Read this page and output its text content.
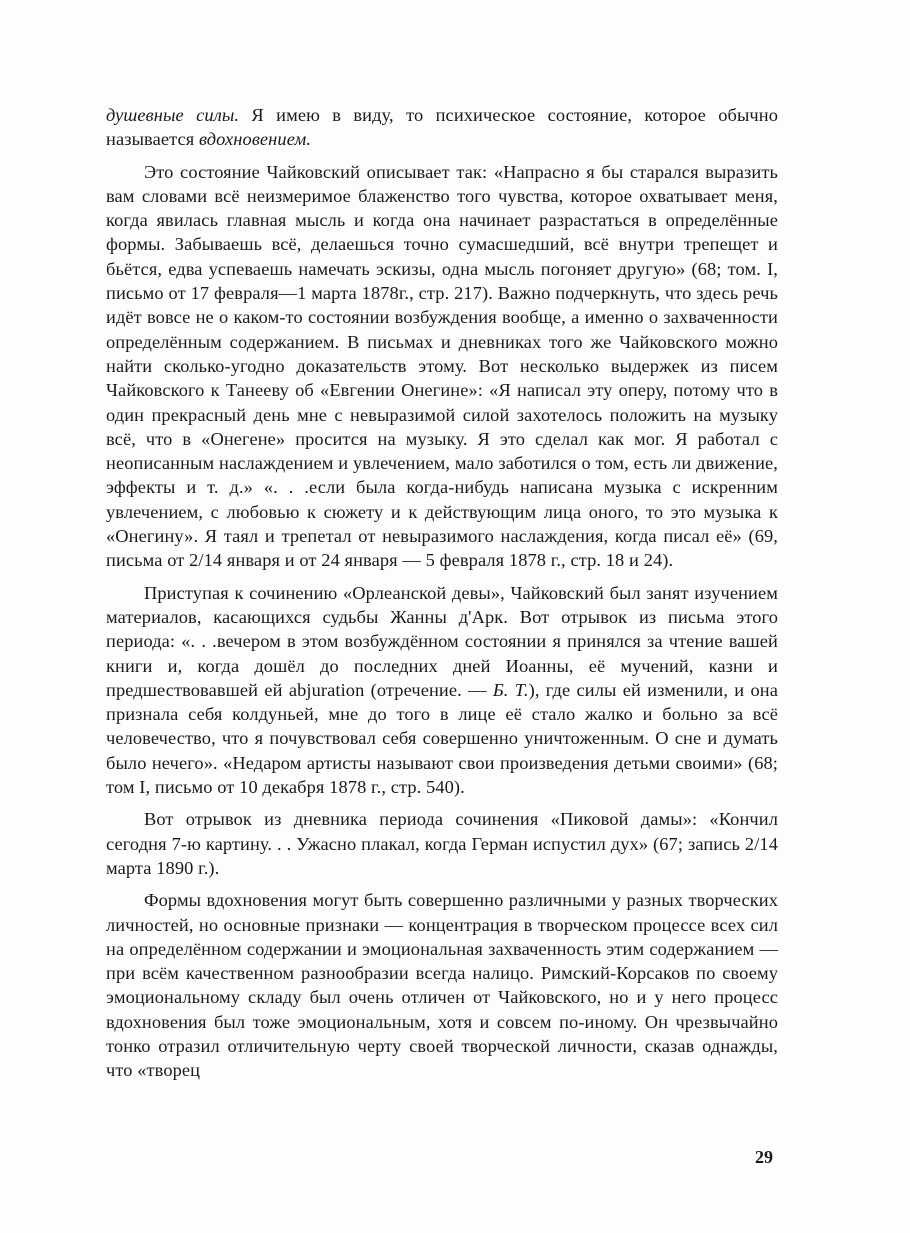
душевные силы. Я имею в виду, то психическое состояние, которое обычно называется вдохновением.

Это состояние Чайковский описывает так: «Напрасно я бы старался выразить вам словами всё неизмеримое блаженство того чувства, которое охватывает меня, когда явилась главная мысль и когда она начинает разрастаться в определённые формы. Забываешь всё, делаешься точно сумасшедший, всё внутри трепещет и бьётся, едва успеваешь намечать эскизы, одна мысль погоняет другую» (68; том. I, письмо от 17 февраля—1 марта 1878г., стр. 217). Важно подчеркнуть, что здесь речь идёт вовсе не о каком-то состоянии возбуждения вообще, а именно о захваченности определённым содержанием. В письмах и дневниках того же Чайковского можно найти сколько-угодно доказательств этому. Вот несколько выдержек из писем Чайковского к Танееву об «Евгении Онегине»: «Я написал эту оперу, потому что в один прекрасный день мне с невыразимой силой захотелось положить на музыку всё, что в «Онегене» просится на музыку. Я это сделал как мог. Я работал с неописанным наслаждением и увлечением, мало заботился о том, есть ли движение, эффекты и т. д.» «. . .если была когда-нибудь написана музыка с искренним увлечением, с любовью к сюжету и к действующим лица оного, то это музыка к «Онегину». Я таял и трепетал от невыразимого наслаждения, когда писал её» (69, письма от 2/14 января и от 24 января — 5 февраля 1878 г., стр. 18 и 24).

Приступая к сочинению «Орлеанской девы», Чайковский был занят изучением материалов, касающихся судьбы Жанны д'Арк. Вот отрывок из письма этого периода: «. . .вечером в этом возбуждённом состоянии я принялся за чтение вашей книги и, когда дошёл до последних дней Иоанны, её мучений, казни и предшествовавшей ей abjuration (отречение. — Б. Т.), где силы ей изменили, и она признала себя колдуньей, мне до того в лице её стало жалко и больно за всё человечество, что я почувствовал себя совершенно уничтоженным. О сне и думать было нечего». «Недаром артисты называют свои произведения детьми своими» (68; том I, письмо от 10 декабря 1878 г., стр. 540).

Вот отрывок из дневника периода сочинения «Пиковой дамы»: «Кончил сегодня 7-ю картину. . . Ужасно плакал, когда Герман испустил дух» (67; запись 2/14 марта 1890 г.).

Формы вдохновения могут быть совершенно различными у разных творческих личностей, но основные признаки — концентрация в творческом процессе всех сил на определённом содержании и эмоциональная захваченность этим содержанием — при всём качественном разнообразии всегда налицо. Римский-Корсаков по своему эмоциональному складу был очень отличен от Чайковского, но и у него процесс вдохновения был тоже эмоциональным, хотя и совсем по-иному. Он чрезвычайно тонко отразил отличительную черту своей творческой личности, сказав однажды, что «творец

29
